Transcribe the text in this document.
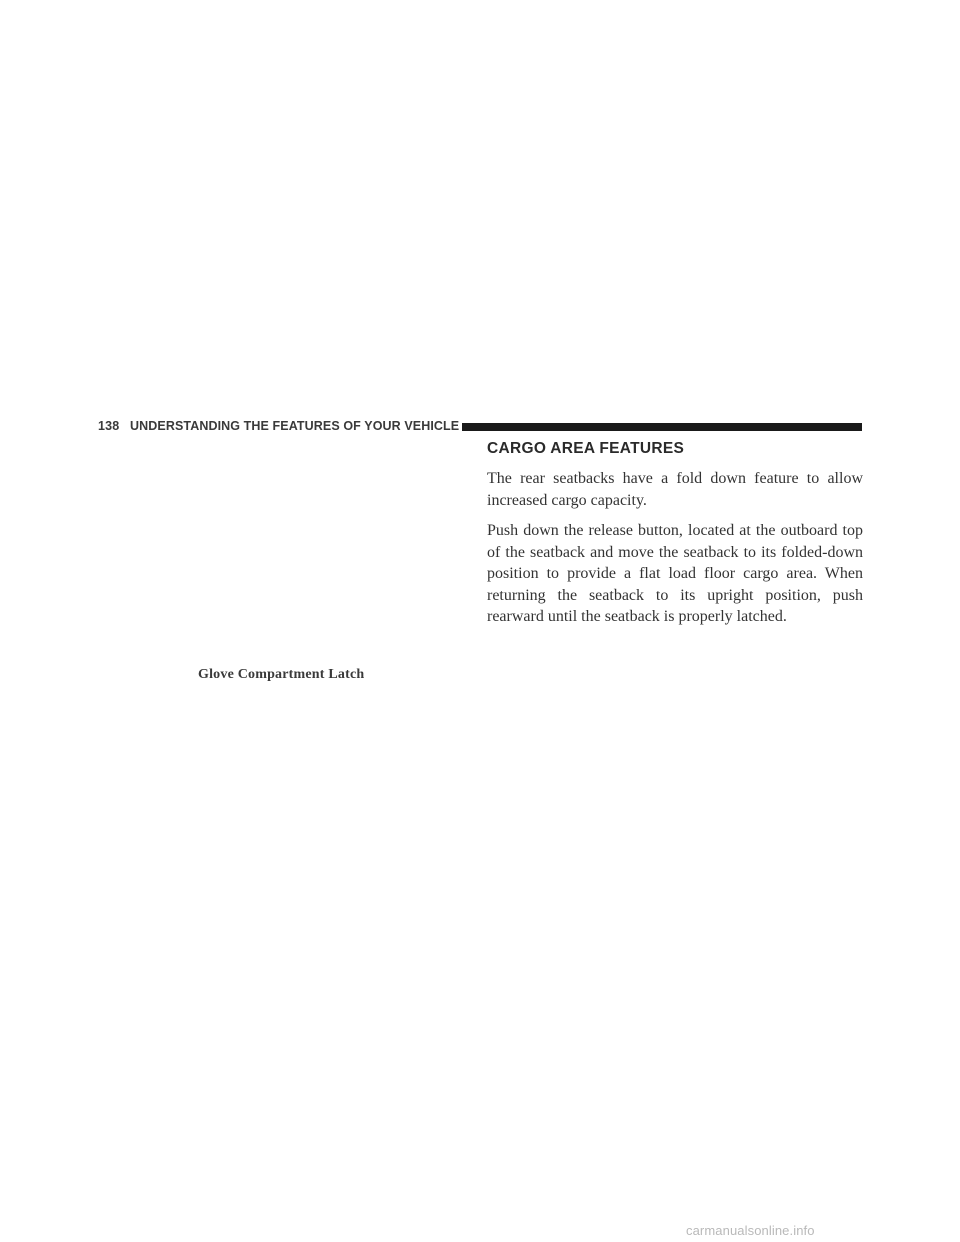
138 UNDERSTANDING THE FEATURES OF YOUR VEHICLE
CARGO AREA FEATURES

The rear seatbacks have a fold down feature to allow increased cargo capacity.

Push down the release button, located at the outboard top of the seatback and move the seatback to its folded-down position to provide a flat load floor cargo area. When returning the seatback to its upright position, push rearward until the seatback is properly latched.

Glove Compartment Latch
carmanualsonline.info
